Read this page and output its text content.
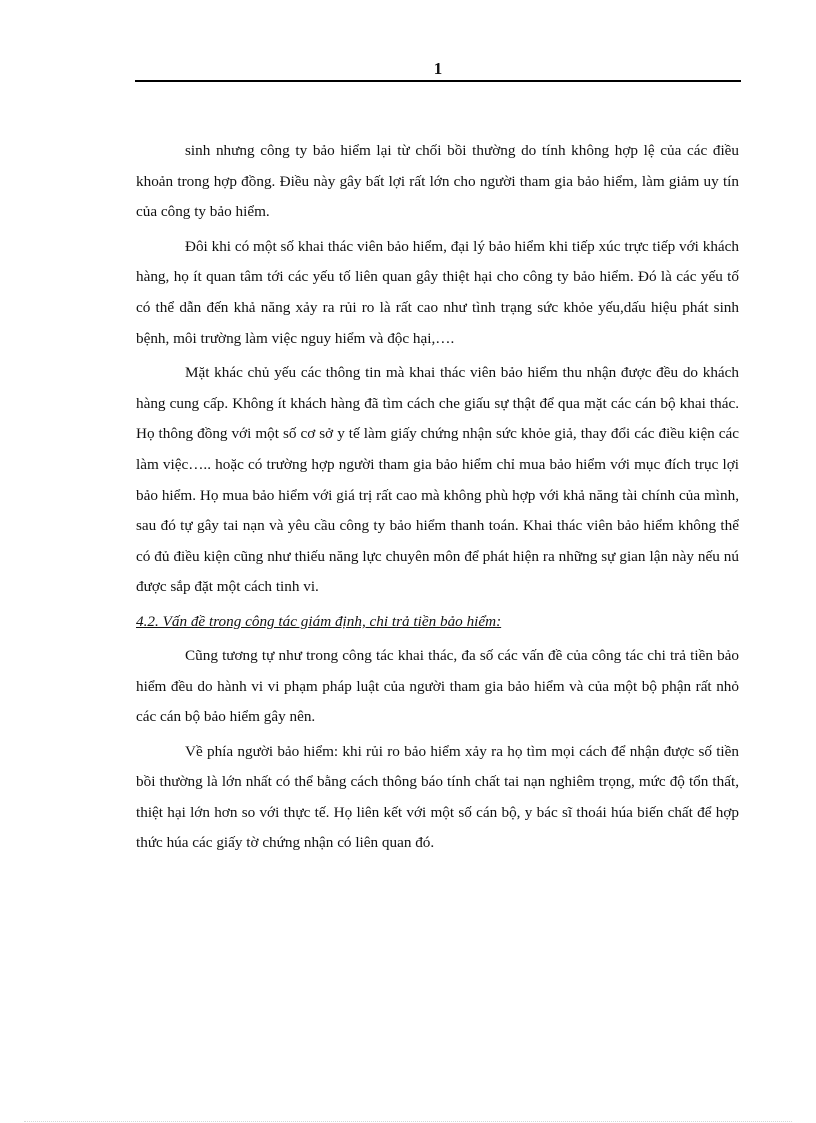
1

sinh nhưng công ty bảo hiểm lại từ chối bồi thường do tính không hợp lệ của các điều khoản trong hợp đồng. Điều này gây bất lợi rất lớn cho người tham gia bảo hiểm, làm giảm uy tín của công ty bảo hiểm.

Đôi khi có một số khai thác viên bảo hiểm, đại lý bảo hiểm khi tiếp xúc trực tiếp với khách hàng, họ ít quan tâm tới các yếu tố liên quan gây thiệt hại cho công ty bảo hiểm. Đó là các yếu tố có thể dẫn đến khả năng xảy ra rủi ro là rất cao như tình trạng sức khỏe yếu,dấu hiệu phát sinh bệnh, môi trường làm việc nguy hiểm và độc hại,….

Mặt khác chủ yếu các thông tin mà khai thác viên bảo hiểm thu nhận được đều do khách hàng cung cấp. Không ít khách hàng đã tìm cách che giấu sự thật để qua mặt các cán bộ khai thác. Họ thông đồng với một số cơ sở y tế làm giấy chứng nhận sức khỏe giả, thay đổi các điều kiện các làm việc….. hoặc có trường hợp người tham gia bảo hiểm chỉ mua bảo hiểm với mục đích trục lợi bảo hiểm. Họ mua bảo hiểm với giá trị rất cao mà không phù hợp với khả năng tài chính của mình, sau đó tự gây tai nạn và yêu cầu công ty bảo hiểm thanh toán. Khai thác viên bảo hiểm không thể có đủ điều kiện cũng như thiếu năng lực chuyên môn để phát hiện ra những sự gian lận này nếu nú được sắp đặt một cách tinh vi.

4.2. Vấn đề trong công tác giám định, chi trả tiền bảo hiểm:

Cũng tương tự như trong công tác khai thác, đa số các vấn đề của công tác chi trả tiền bảo hiểm đều do hành vi vi phạm pháp luật của người tham gia bảo hiểm và của một bộ phận rất nhỏ các cán bộ bảo hiểm gây nên.

Về phía người bảo hiểm: khi rủi ro bảo hiểm xảy ra họ tìm mọi cách để nhận được số tiền bồi thường là lớn nhất có thể bằng cách thông báo tính chất tai nạn nghiêm trọng, mức độ tổn thất, thiệt hại lớn hơn so với thực tế. Họ liên kết với một số cán bộ, y bác sĩ thoái húa biến chất để hợp thức húa các giấy tờ chứng nhận có liên quan đó.
